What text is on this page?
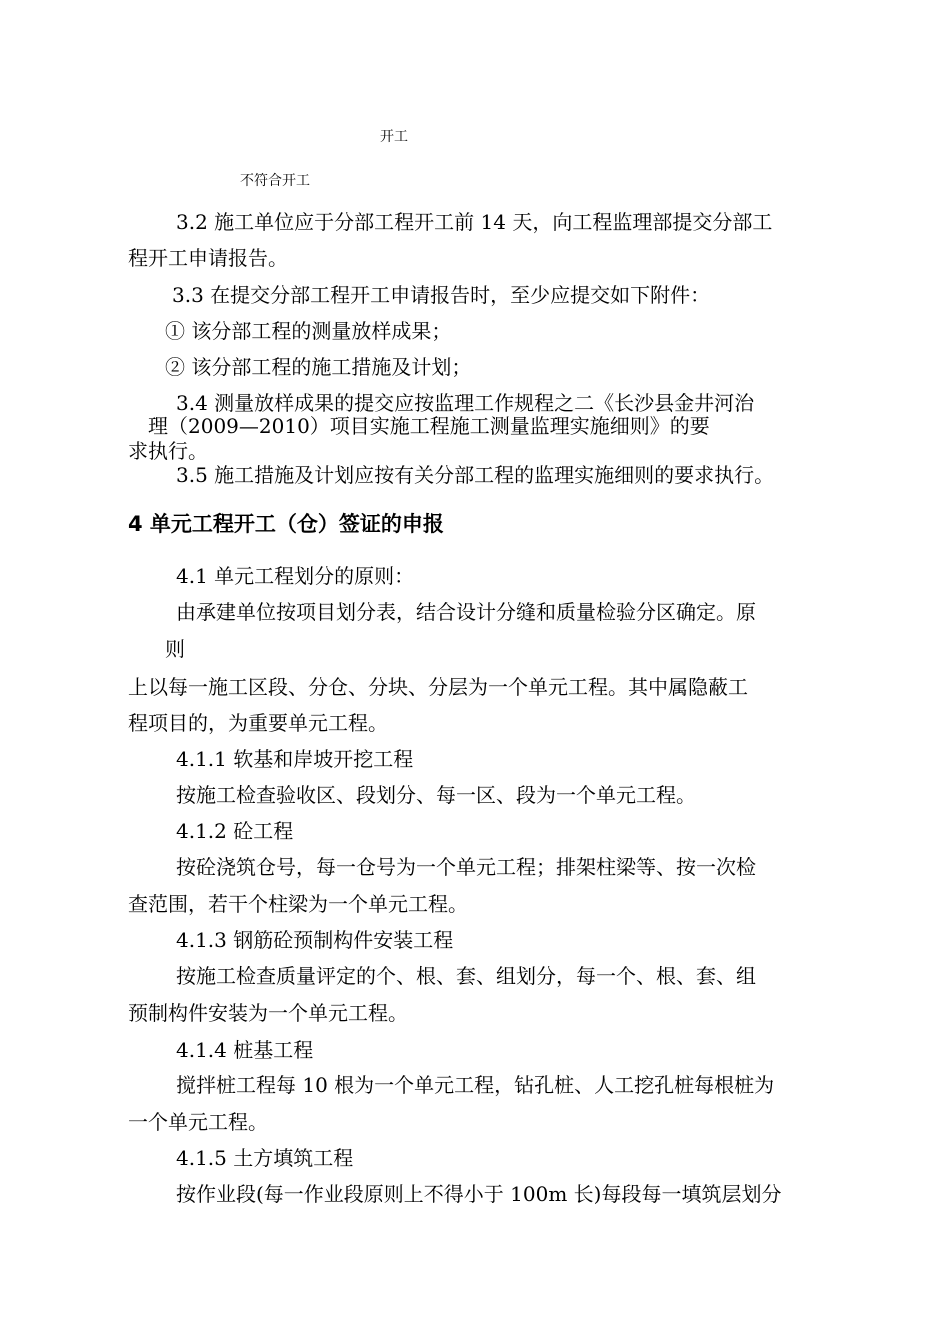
开工
不符合开工
3.2 施工单位应于分部工程开工前 14 天，向工程监理部提交分部工
程开工申请报告。
3.3 在提交分部工程开工申请报告时，至少应提交如下附件：
① 该分部工程的测量放样成果；
② 该分部工程的施工措施及计划；
3.4 测量放样成果的提交应按监理工作规程之二《长沙县金井河治
理（2009—2010）项目实施工程施工测量监理实施细则》的要
求执行。
3.5 施工措施及计划应按有关分部工程的监理实施细则的要求执行。
4 单元工程开工（仓）签证的申报
4.1 单元工程划分的原则：
由承建单位按项目划分表，结合设计分缝和质量检验分区确定。原
则
上以每一施工区段、分仓、分块、分层为一个单元工程。其中属隐蔽工
程项目的，为重要单元工程。
4.1.1 软基和岸坡开挖工程
按施工检查验收区、段划分、每一区、段为一个单元工程。
4.1.2 砼工程
按砼浇筑仓号，每一仓号为一个单元工程；排架柱梁等、按一次检
查范围，若干个柱梁为一个单元工程。
4.1.3 钢筋砼预制构件安装工程
按施工检查质量评定的个、根、套、组划分，每一个、根、套、组
预制构件安装为一个单元工程。
4.1.4 桩基工程
搅拌桩工程每 10 根为一个单元工程，钻孔桩、人工挖孔桩每根桩为
一个单元工程。
4.1.5 土方填筑工程
按作业段(每一作业段原则上不得小于 100m 长)每段每一填筑层划分
